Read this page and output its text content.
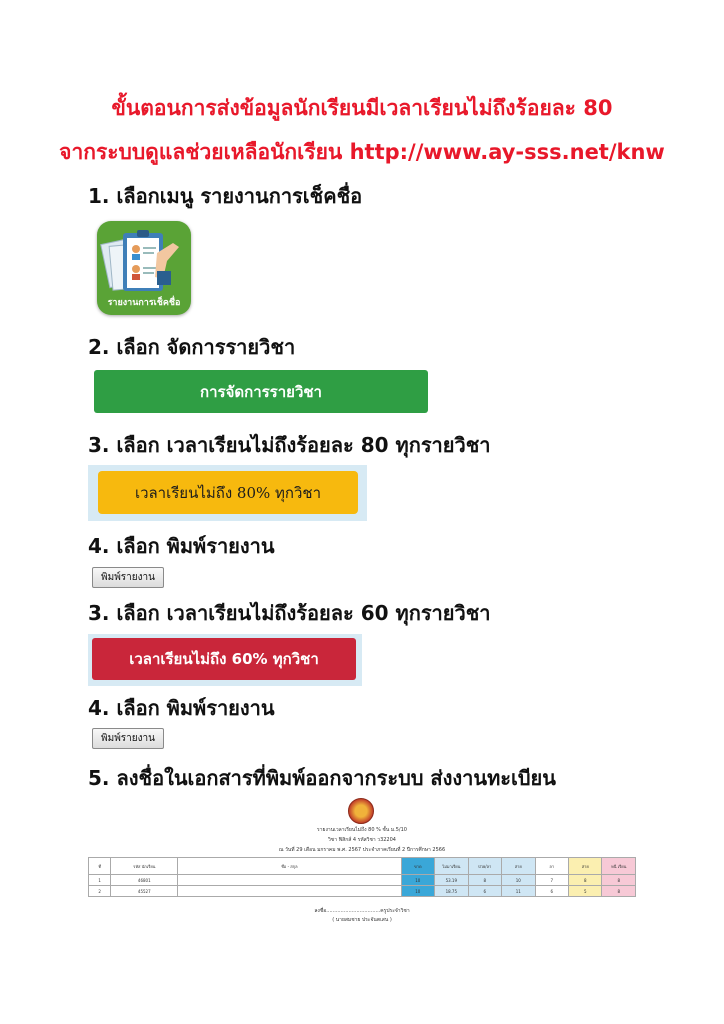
ขั้นตอนการส่งข้อมูลนักเรียนมีเวลาเรียนไม่ถึงร้อยละ 80
จากระบบดูแลช่วยเหลือนักเรียน http://www.ay-sss.net/knw
1. เลือกเมนู รายงานการเช็คชื่อ
รายงานการเช็คชื่อ
2. เลือก จัดการรายวิชา
การจัดการรายวิชา
3. เลือก เวลาเรียนไม่ถึงร้อยละ 80 ทุกรายวิชา
เวลาเรียนไม่ถึง 80% ทุกวิชา
4. เลือก พิมพ์รายงาน
พิมพ์รายงาน
3. เลือก เวลาเรียนไม่ถึงร้อยละ 60 ทุกรายวิชา
เวลาเรียนไม่ถึง 60% ทุกวิชา
4. เลือก พิมพ์รายงาน
พิมพ์รายงาน
5. ลงชื่อในเอกสารที่พิมพ์ออกจากระบบ ส่งงานทะเบียน
รายงานเวลาเรียนไม่ถึง 80 % ชั้น ม.5/10
วิชา ฟิสิกส์ 4 รหัสวิชา ว32204
ณ วันที่ 29 เดือน มกราคม พ.ศ. 2567 ประจำภาคเรียนที่ 2 ปีการศึกษา 2566
ที่	รหัส นักเรียน	ชื่อ - สกุล	ขาด	ไม่มาเรียน	ป่วย/ลา	สาย	ลา	สาย	หนี เรียน
1	46801		10	53.19	8	10	7	8	8
2	45527		10	18.75	6	11	6	5	8
ลงชื่อ..................................ครูประจำวิชา
( นายสมชาย ประจันตเสน )
